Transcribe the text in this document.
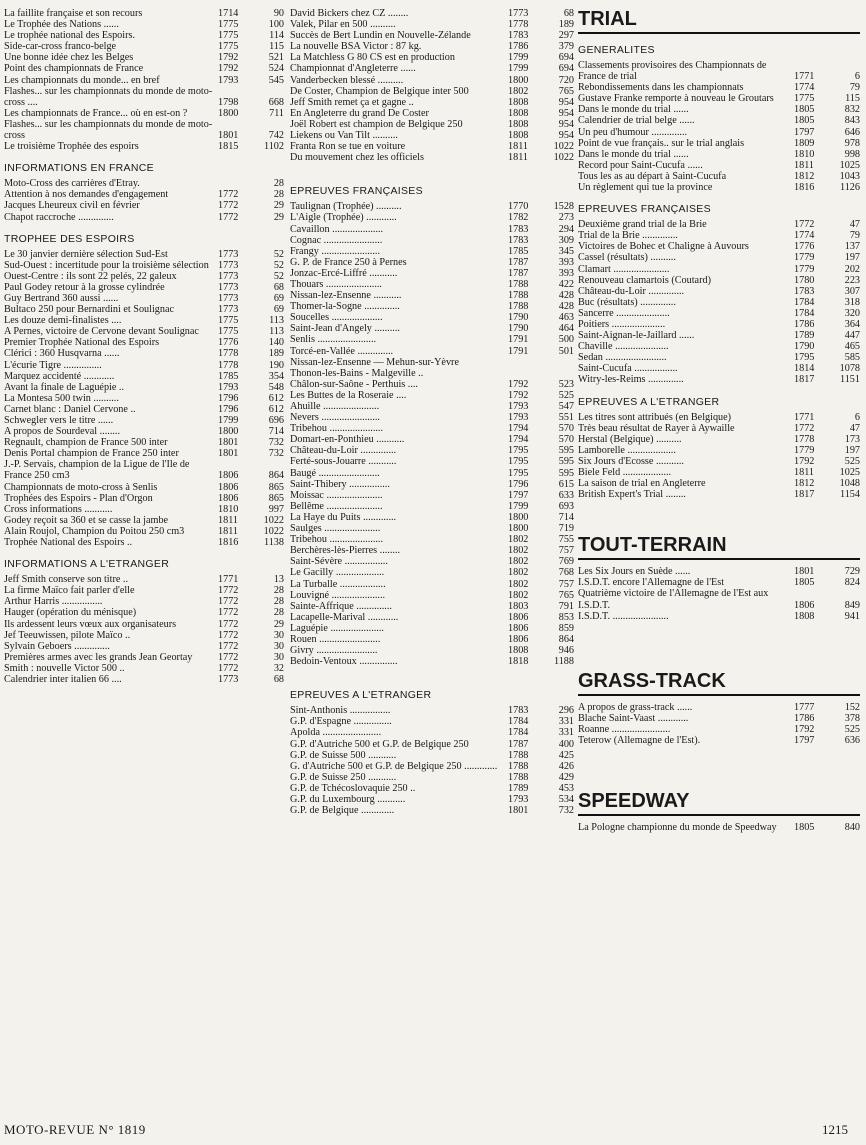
La faillite française et son recours	1714	90
Le Trophée des Nations ......	1775	100
Le trophée national des Espoirs.	1775	114
Side-car-cross franco-belge	1775	115
Une bonne idée chez les Belges	1792	521
Point des championnats de France	1792	524
Les championnats du monde... en bref	1793	545
Flashes... sur les championnats du monde de moto-cross ....	1798	668
Les championnats de France... où en est-on ?	1800	711
Flashes... sur les championnats du monde de moto-cross	1801	742
Le troisième Trophée des espoirs	1815	1102
INFORMATIONS EN FRANCE
Moto-Cross des carrières d'Etray.	28
Attention à nos demandes d'engagement	1772	28
Jacques Lheureux civil en février	1772	29
Chapot raccroche ..............	1772	29
TROPHEE DES ESPOIRS
Le 30 janvier dernière sélection Sud-Est	1773	52
Sud-Ouest : incertitude pour la troisième sélection 1773	52
Ouest-Centre : ils sont 22 pelés, 22 galeux	1773	52
Paul Godey retour à la grosse cylindrée	1773	68
Guy Bertrand 360 aussi ......	1773	69
Bultaco 250 pour Bernardini et Soulignac	1773	69
Les douze demi-finalistes ....	1775	113
A Pernes, victoire de Cervone devant Soulignac	1775	113
Premier Trophée National des Espoirs	1776	140
Clérici : 360 Husqvarna ......	1778	189
L'écurie Tigre ...............	1778	190
Marquez accidenté ............	1785	354
Avant la finale de Laguépie ..	1793	548
La Montesa 500 twin ..........	1796	612
Carnet blanc : Daniel Cervone ..	1796	612
Schwegler vers le titre ......	1799	696
A propos de Sourdeval ........	1800	714
Regnault, champion de France 500 inter	1801	732
Denis Portal champion de France 250 inter	1801	732
J.-P. Servais, champion de la Ligue de l'Ile de France 250 cm3	1806	864
Championnats de moto-cross à Senlis	1806	865
Trophées des Espoirs - Plan d'Orgon	1806	865
Cross informations ...........	1810	997
Godey reçoit sa 360 et se casse la jambe	1811	1022
Alain Roujol, Champion du Poitou 250 cm3	1811	1022
Trophée National des Espoirs ..	1816	1138
INFORMATIONS A L'ETRANGER
Jeff Smith conserve son titre ..	1771	13
La firme Maïco fait parler d'elle	1772	28
Arthur Harris ................	1772	28
Hauger (opération du ménisque)	1772	28
Ils ardessent leurs vœux aux organisateurs	1772	29
Jef Teeuwissen, pilote Maïco ..	1772	30
Sylvain Geboers ..............	1772	30
Premières armes avec les grands Jean Geortay	1772	30
Smith : nouvelle Victor 500 ..	1772	32
Calendrier inter italien 66 ....	1773	68
David Bickers chez CZ ........	1773	68
Valek, Pilar en 500 ..........	1778	189
Succès de Bert Lundin en Nouvelle-Zélande	1783	297
La nouvelle BSA Victor : 87 kg.	1786	379
La Matchless G 80 CS est en production	1799	694
Championnat d'Angleterre ......	1799	694
Vanderbecken blessé ..........	1800	720
De Coster, Champion de Belgique inter 500	1802	765
Jeff Smith remet ça et gagne ..	1808	954
En Angleterre du grand De Coster	1808	954
Joël Robert est champion de Belgique 250	1808	954
Liekens ou Van Tilt ..........	1808	954
Franta Ron se tue en voiture	1811	1022
Du mouvement chez les officiels	1811	1022
EPREUVES FRANÇAISES
Taulignan (Trophée) ..........	1770	1528
L'Aigle (Trophée) ............	1782	273
Cavaillon ....................	1783	294
Cognac .......................	1783	309
Frangy .......................	1785	345
G. P. de France 250 à Pernes	1787	393
Jonzac-Ercé-Liffré ...........	1787	393
Thouars ......................	1788	422
Nissan-lez-Ensenne ...........	1788	428
Thomer-la-Sogne ..............	1788	428
Soucelles ....................	1790	463
Saint-Jean d'Angely ..........	1790	464
Senlis .......................	1791	500
Torcé-en-Vallée ..............	1791	501
Nissan-lez-Ensenne — Mehun-sur-Yèvre
Thonon-les-Bains - Malgeville ..
Châlon-sur-Saône - Perthuis ....	1792	523
Les Buttes de la Roseraie ....	1792	525
Ahuille ......................	1793	547
Nevers .......................	1793	551
Tribehou .....................	1794	570
Domart-en-Ponthieu ...........	1794	570
Château-du-Loir ..............	1795	595
Ferté-sous-Jouarre ...........	1795	595
Baugé ........................	1795	595
Saint-Thibery ................	1796	615
Moissac ......................	1797	633
Bellême ......................	1799	693
La Haye du Puits .............	1800	714
Saulges ......................	1800	719
Tribehou .....................	1802	755
Berchères-lès-Pierres ........	1802	757
Saint-Sévère .................	1802	769
Le Gacilly ...................	1802	768
La Turballe ..................	1802	757
Louvigné .....................	1802	765
Sainte-Affrique ..............	1803	791
Lacapelle-Marival ............	1806	853
Laguépie .....................	1806	859
Rouen ........................	1806	864
Givry ........................	1808	946
Bedoin-Ventoux ...............	1818	1188
EPREUVES A L'ETRANGER
Sint-Anthonis ................	1783	296
G.P. d'Espagne ...............	1784	331
Apolda .......................	1784	331
G.P. d'Autriche 500 et G.P. de Belgique 250	1787	400
G.P. de Suisse 500 ...........	1788	425
G. d'Autriche 500 et G.P. de Belgique 250 .............	1788	426
G.P. de Suisse 250 ...........	1788	429
G.P. de Tchécoslovaquie 250 ..	1789	453
G.P. du Luxembourg ...........	1793	534
G.P. de Belgique .............	1801	732
TRIAL
GENERALITES
Classements provisoires des Championnats de France de trial	1771	6
Rebondissements dans les championnats	1774	79
Gustave Franke remporte à nouveau le Groutars	1775	115
Dans le monde du trial ......	1805	832
Calendrier de trial belge ......	1805	843
Un peu d'humour ..............	1797	646
Point de vue français.. sur le trial anglais	1809	978
Dans le monde du trial ......	1810	998
Record pour Saint-Cucufa ......	1811	1025
Tous les as au départ à Saint-Cucufa	1812	1043
Un règlement qui tue la province	1816	1126
EPREUVES FRANÇAISES
Deuxième grand trial de la Brie	1772	47
Trial de la Brie ..............	1774	79
Victoires de Bohec et Chaligne à Auvours	1776	137
Cassel (résultats) ..........	1779	197
Clamart ......................	1779	202
Renouveau clamartois (Coutard)	1780	223
Château-du-Loir ..............	1783	307
Buc (résultats) ..............	1784	318
Sancerre .....................	1784	320
Poitiers .....................	1786	364
Saint-Aignan-le-Jaillard ......	1789	447
Chaville .....................	1790	465
Sedan ........................	1795	585
Saint-Cucufa .................	1814	1078
Witry-les-Reims ..............	1817	1151
EPREUVES A L'ETRANGER
Les titres sont attribués (en Belgique)	1771	6
Très beau résultat de Rayer à Aywaille	1772	47
Herstal (Belgique) ..........	1778	173
Lamborelle ...................	1779	197
Six Jours d'Ecosse ...........	1792	525
Biele Feld ...................	1811	1025
La saison de trial en Angleterre	1812	1048
British Expert's Trial ........	1817	1154
TOUT-TERRAIN
Les Six Jours en Suède ......	1801	729
I.S.D.T. encore l'Allemagne de l'Est	1805	824
Quatrième victoire de l'Allemagne de l'Est aux I.S.D.T.	1806	849
I.S.D.T. ......................	1808	941
GRASS-TRACK
A propos de grass-track ......	1777	152
Blache Saint-Vaast ............	1786	378
Roanne .......................	1792	525
Teterow (Allemagne de l'Est).	1797	636
SPEEDWAY
La Pologne championne du monde de Speedway	1805	840
MOTO-REVUE N° 1819	1215
